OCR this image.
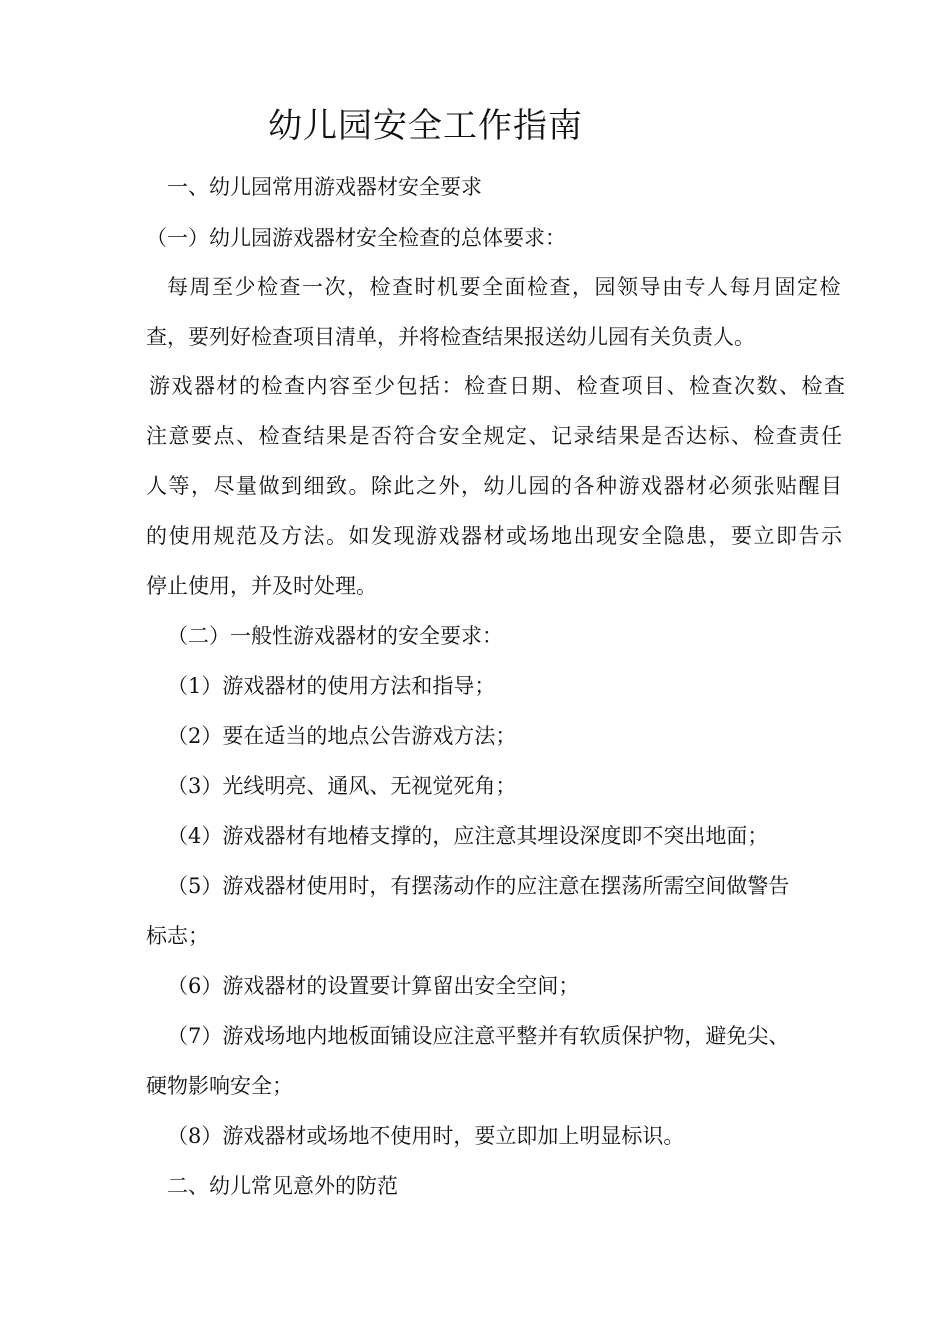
幼儿园安全工作指南
一、幼儿园常用游戏器材安全要求
（一）幼儿园游戏器材安全检查的总体要求：
每周至少检查一次，检查时机要全面检查，园领导由专人每月固定检
查，要列好检查项目清单，并将检查结果报送幼儿园有关负责人。
游戏器材的检查内容至少包括：检查日期、检查项目、检查次数、检查
注意要点、检查结果是否符合安全规定、记录结果是否达标、检查责任
人等，尽量做到细致。除此之外，幼儿园的各种游戏器材必须张贴醒目
的使用规范及方法。如发现游戏器材或场地出现安全隐患，要立即告示
停止使用，并及时处理。
（二）一般性游戏器材的安全要求：
（1）游戏器材的使用方法和指导；
（2）要在适当的地点公告游戏方法；
（3）光线明亮、通风、无视觉死角；
（4）游戏器材有地椿支撑的，应注意其埋设深度即不突出地面；
（5）游戏器材使用时，有摆荡动作的应注意在摆荡所需空间做警告
标志；
（6）游戏器材的设置要计算留出安全空间；
（7）游戏场地内地板面铺设应注意平整并有软质保护物，避免尖、
硬物影响安全；
（8）游戏器材或场地不使用时，要立即加上明显标识。
二、幼儿常见意外的防范
